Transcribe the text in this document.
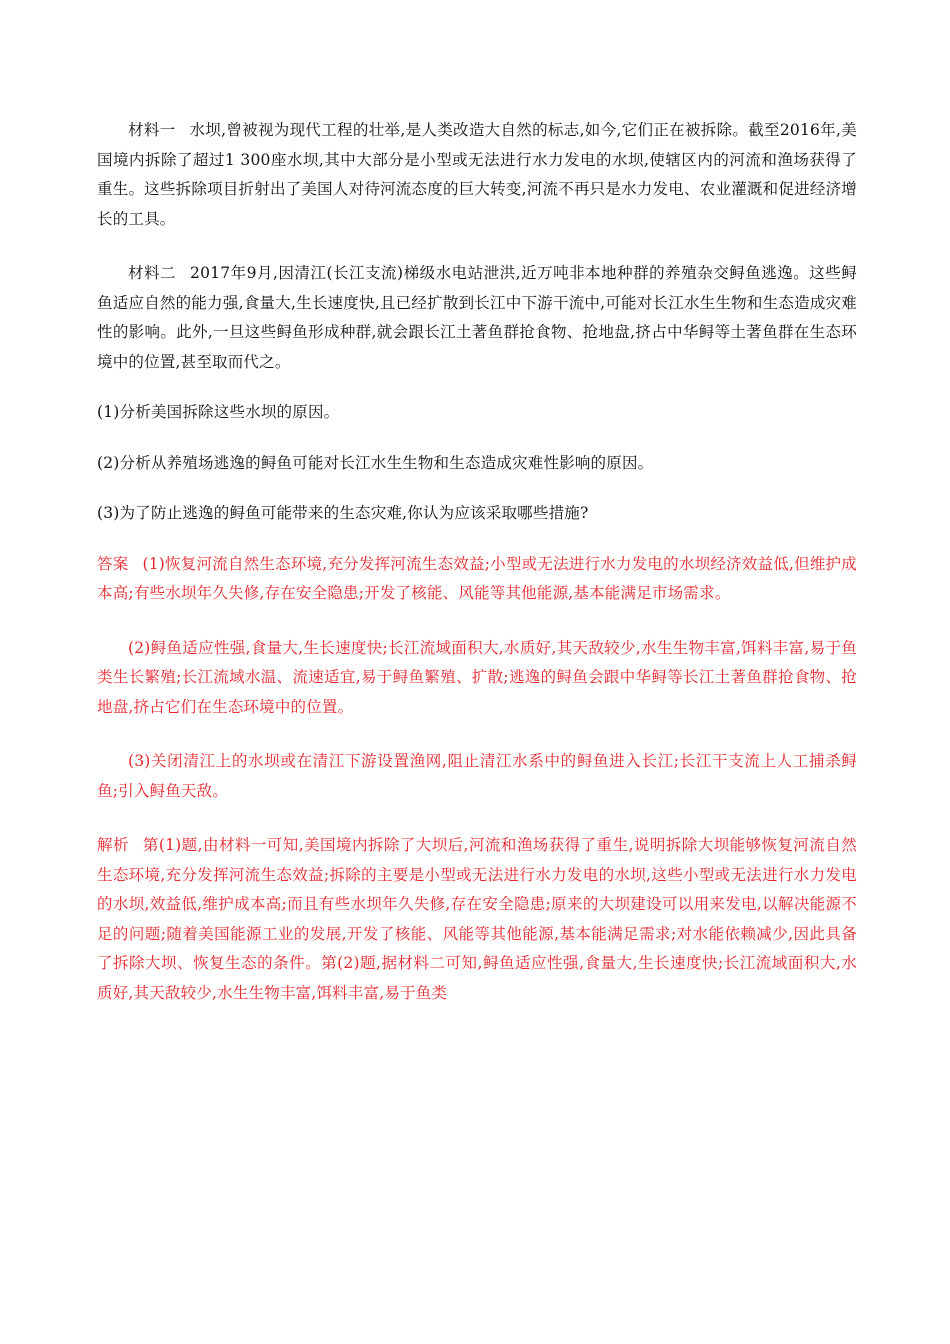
材料一 水坝,曾被视为现代工程的壮举,是人类改造大自然的标志,如今,它们正在被拆除。截至2016年,美国境内拆除了超过1 300座水坝,其中大部分是小型或无法进行水力发电的水坝,使辖区内的河流和渔场获得了重生。这些拆除项目折射出了美国人对待河流态度的巨大转变,河流不再只是水力发电、农业灌溉和促进经济增长的工具。

材料二 2017年9月,因清江(长江支流)梯级水电站泄洪,近万吨非本地种群的养殖杂交鲟鱼逃逸。这些鲟鱼适应自然的能力强,食量大,生长速度快,且已经扩散到长江中下游干流中,可能对长江水生生物和生态造成灾难性的影响。此外,一旦这些鲟鱼形成种群,就会跟长江土著鱼群抢食物、抢地盘,挤占中华鲟等土著鱼群在生态环境中的位置,甚至取而代之。

(1)分析美国拆除这些水坝的原因。

(2)分析从养殖场逃逸的鲟鱼可能对长江水生生物和生态造成灾难性影响的原因。

(3)为了防止逃逸的鲟鱼可能带来的生态灾难,你认为应该采取哪些措施?

答案 (1)恢复河流自然生态环境,充分发挥河流生态效益;小型或无法进行水力发电的水坝经济效益低,但维护成本高;有些水坝年久失修,存在安全隐患;开发了核能、风能等其他能源,基本能满足市场需求。

(2)鲟鱼适应性强,食量大,生长速度快;长江流域面积大,水质好,其天敌较少,水生生物丰富,饵料丰富,易于鱼类生长繁殖;长江流域水温、流速适宜,易于鲟鱼繁殖、扩散;逃逸的鲟鱼会跟中华鲟等长江土著鱼群抢食物、抢地盘,挤占它们在生态环境中的位置。

(3)关闭清江上的水坝或在清江下游设置渔网,阻止清江水系中的鲟鱼进入长江;长江干支流上人工捕杀鲟鱼;引入鲟鱼天敌。

解析 第(1)题,由材料一可知,美国境内拆除了大坝后,河流和渔场获得了重生,说明拆除大坝能够恢复河流自然生态环境,充分发挥河流生态效益;拆除的主要是小型或无法进行水力发电的水坝,这些小型或无法进行水力发电的水坝,效益低,维护成本高;而且有些水坝年久失修,存在安全隐患;原来的大坝建设可以用来发电,以解决能源不足的问题;随着美国能源工业的发展,开发了核能、风能等其他能源,基本能满足需求;对水能依赖减少,因此具备了拆除大坝、恢复生态的条件。第(2)题,据材料二可知,鲟鱼适应性强,食量大,生长速度快;长江流域面积大,水质好,其天敌较少,水生生物丰富,饵料丰富,易于鱼类
